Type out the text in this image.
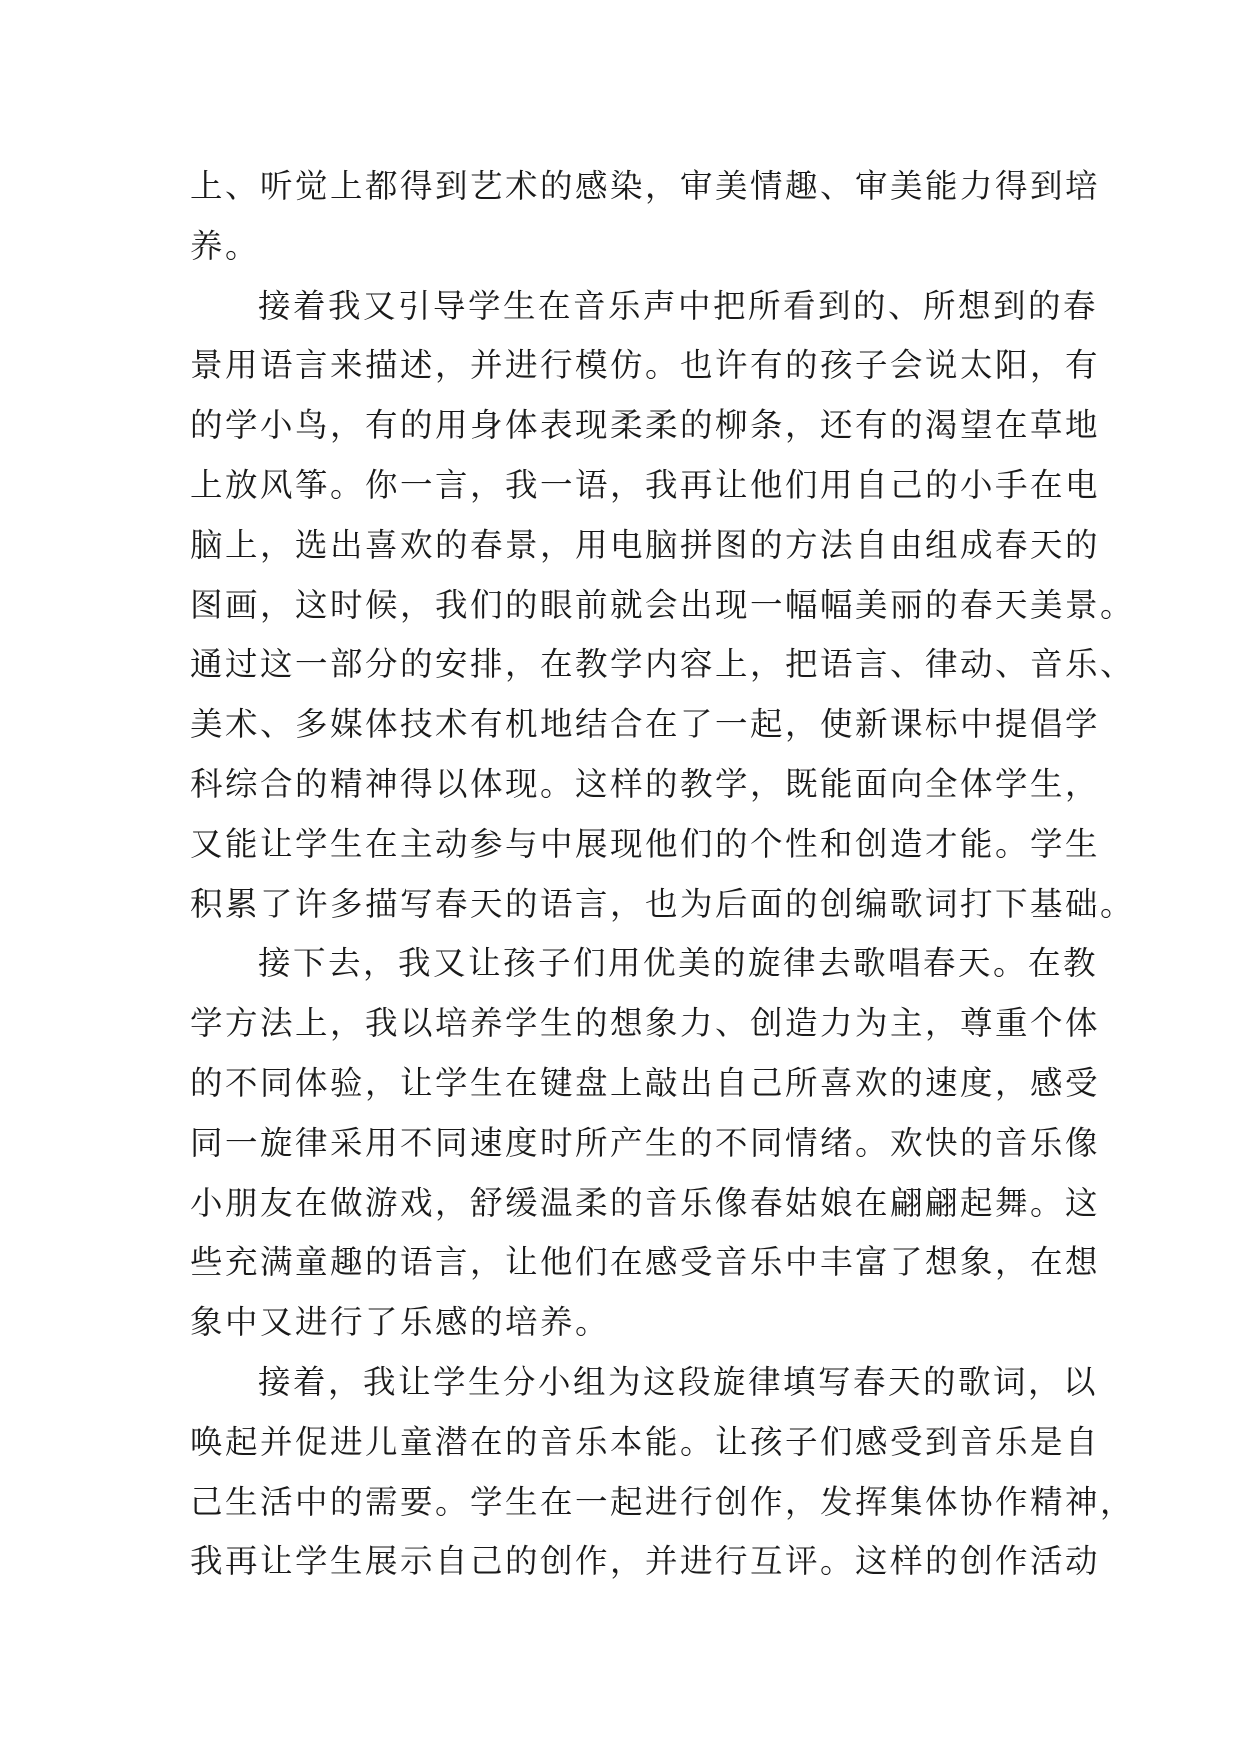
上、听觉上都得到艺术的感染，审美情趣、审美能力得到培
养。
接着我又引导学生在音乐声中把所看到的、所想到的春
景用语言来描述，并进行模仿。也许有的孩子会说太阳，有
的学小鸟，有的用身体表现柔柔的柳条，还有的渴望在草地
上放风筝。你一言，我一语，我再让他们用自己的小手在电
脑上，选出喜欢的春景，用电脑拼图的方法自由组成春天的
图画，这时候，我们的眼前就会出现一幅幅美丽的春天美景。
通过这一部分的安排，在教学内容上，把语言、律动、音乐、
美术、多媒体技术有机地结合在了一起，使新课标中提倡学
科综合的精神得以体现。这样的教学，既能面向全体学生，
又能让学生在主动参与中展现他们的个性和创造才能。学生
积累了许多描写春天的语言，也为后面的创编歌词打下基础。
接下去，我又让孩子们用优美的旋律去歌唱春天。在教
学方法上，我以培养学生的想象力、创造力为主，尊重个体
的不同体验，让学生在键盘上敲出自己所喜欢的速度，感受
同一旋律采用不同速度时所产生的不同情绪。欢快的音乐像
小朋友在做游戏，舒缓温柔的音乐像春姑娘在翩翩起舞。这
些充满童趣的语言，让他们在感受音乐中丰富了想象，在想
象中又进行了乐感的培养。
接着，我让学生分小组为这段旋律填写春天的歌词，以
唤起并促进儿童潜在的音乐本能。让孩子们感受到音乐是自
己生活中的需要。学生在一起进行创作，发挥集体协作精神，
我再让学生展示自己的创作，并进行互评。这样的创作活动
